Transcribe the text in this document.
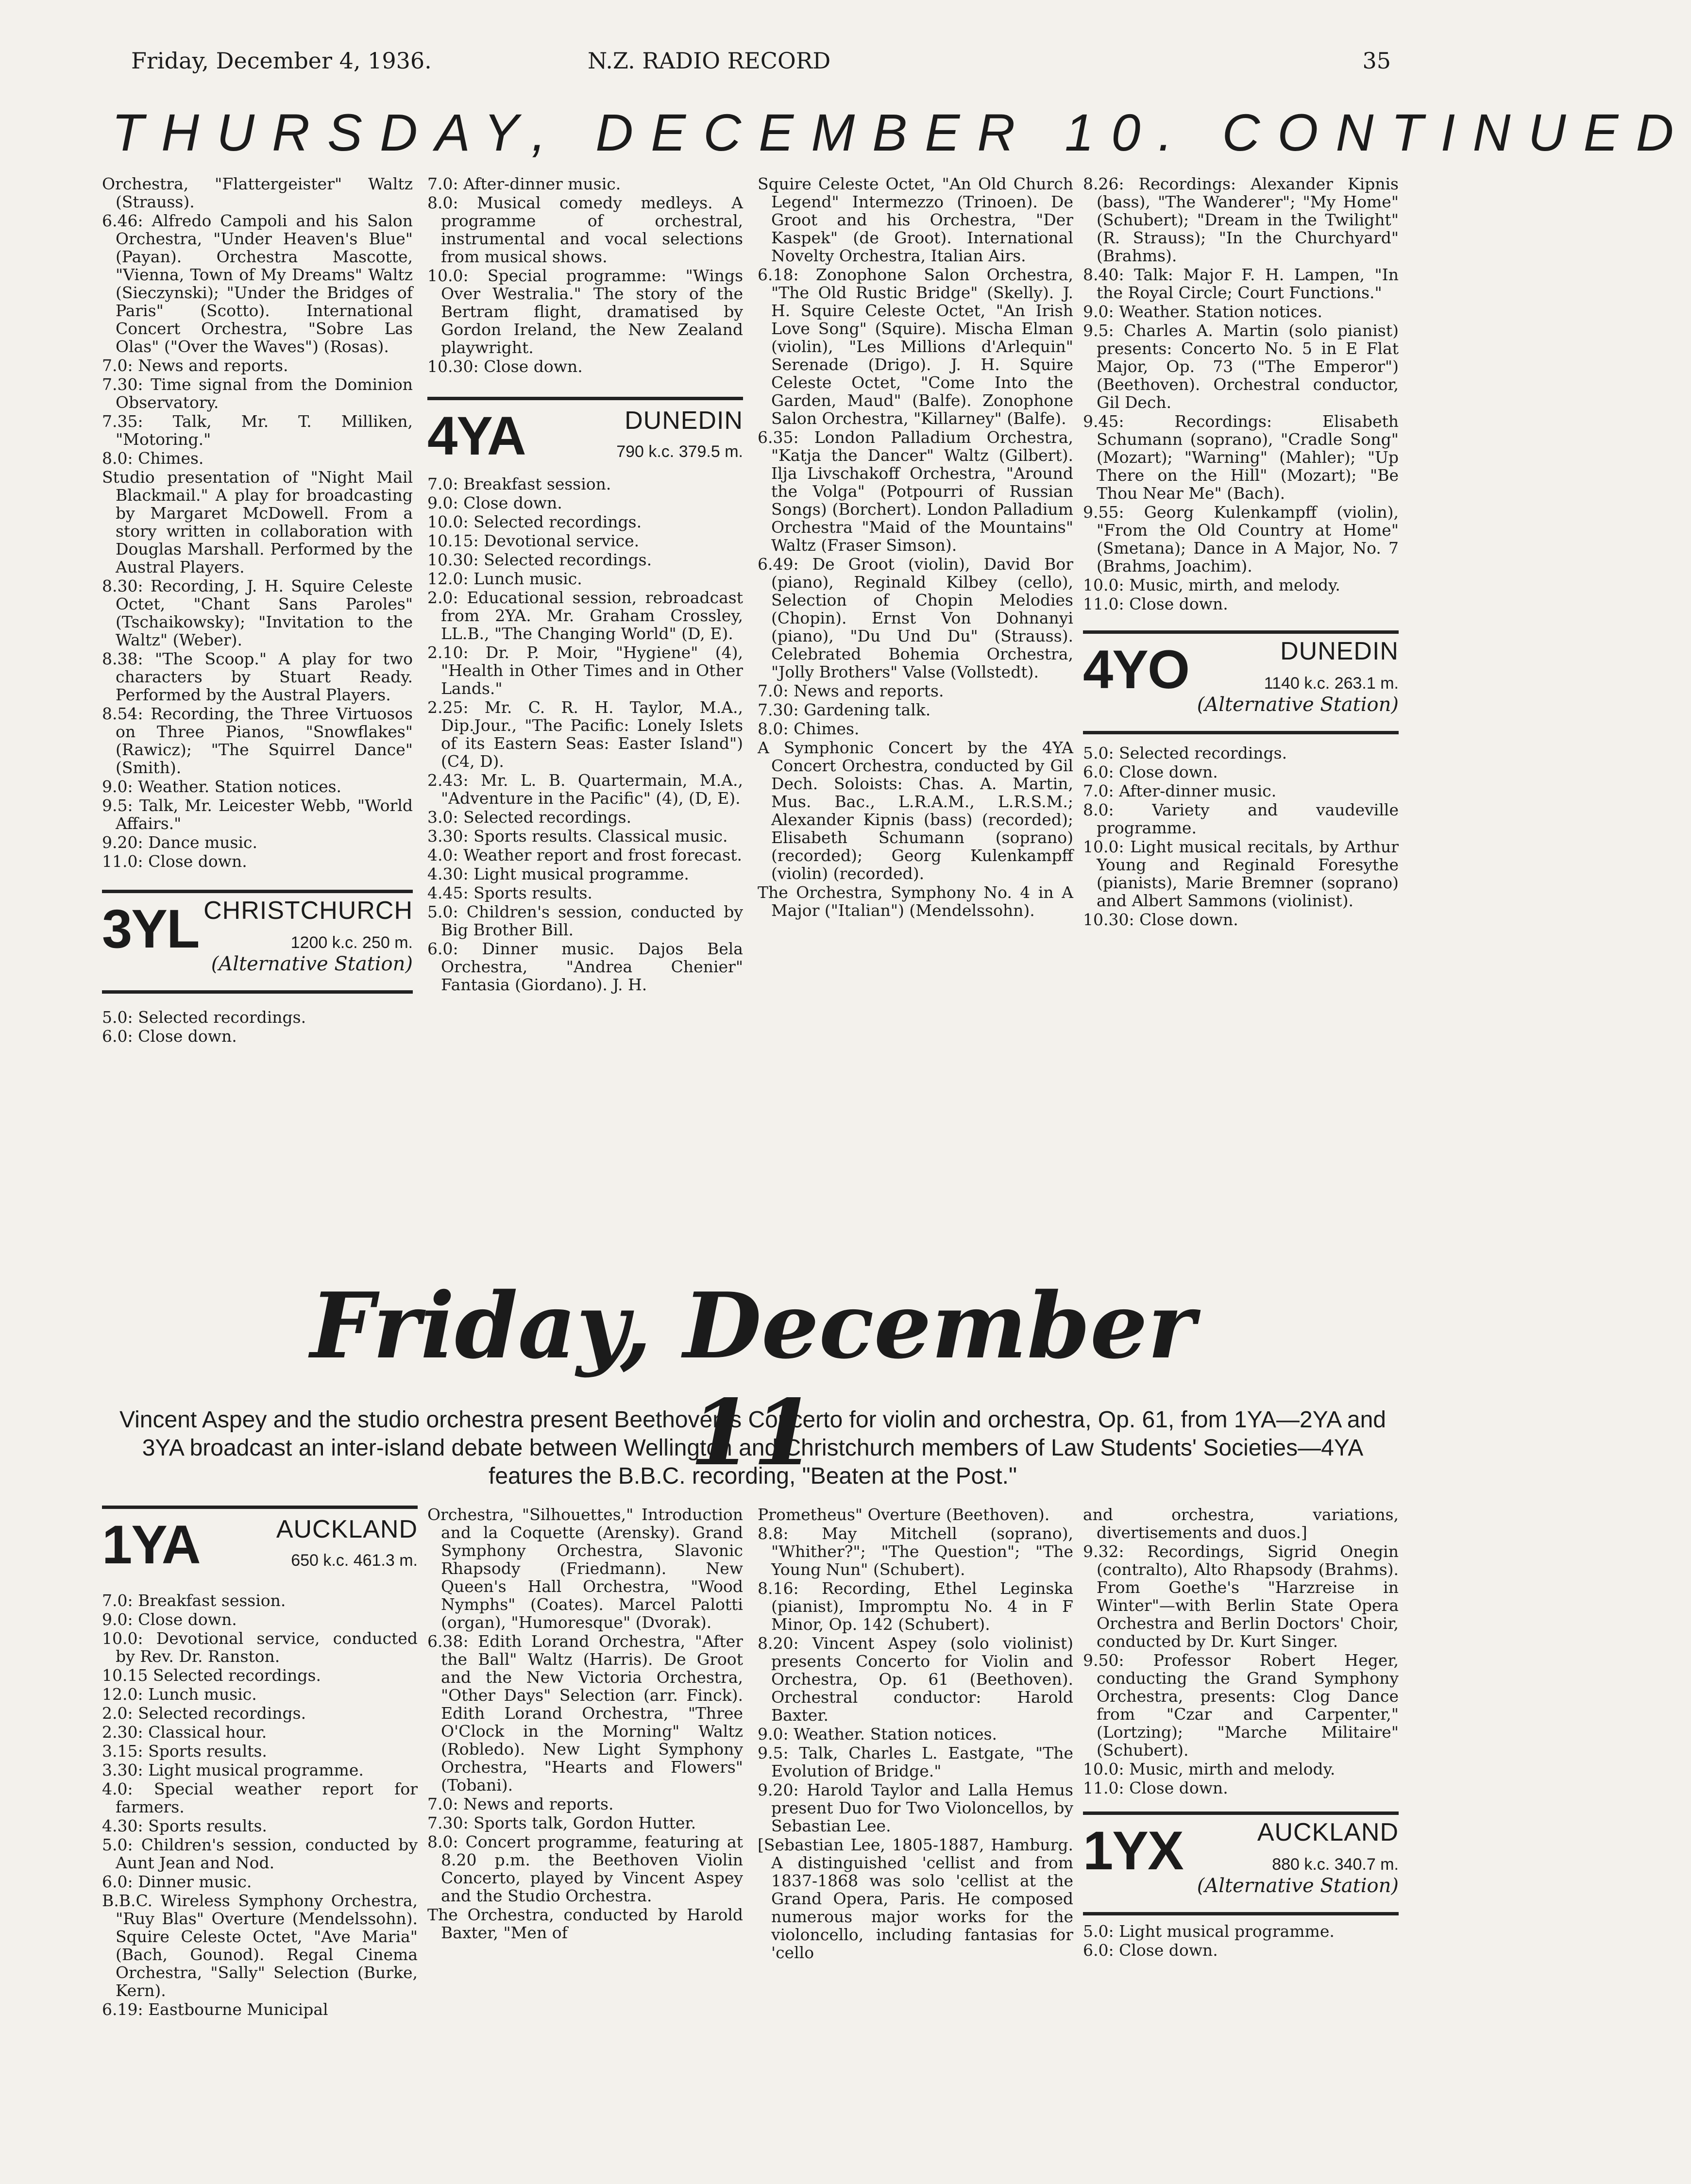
Friday, December 4, 1936.	N.Z. RADIO RECORD	35
THURSDAY, DECEMBER 10. CONTINUED

Orchestra, "Flattergeister" Waltz (Strauss).

6.46: Alfredo Campoli and his Salon Orchestra, "Under Heaven's Blue" (Payan). Orchestra Mascotte, "Vienna, Town of My Dreams" Waltz (Sieczynski); "Under the Bridges of Paris" (Scotto). International Concert Orchestra, "Sobre Las Olas" ("Over the Waves") (Rosas).

7.0: News and reports.

7.30: Time signal from the Dominion Observatory.

7.35: Talk, Mr. T. Milliken, "Motoring."

8.0: Chimes.

Studio presentation of "Night Mail Blackmail." A play for broadcasting by Margaret McDowell. From a story written in collaboration with Douglas Marshall. Performed by the Austral Players.

8.30: Recording, J. H. Squire Celeste Octet, "Chant Sans Paroles" (Tschaikowsky); "Invitation to the Waltz" (Weber).

8.38: "The Scoop." A play for two characters by Stuart Ready. Performed by the Austral Players.

8.54: Recording, the Three Virtuosos on Three Pianos, "Snowflakes" (Rawicz); "The Squirrel Dance" (Smith).

9.0: Weather. Station notices.

9.5: Talk, Mr. Leicester Webb, "World Affairs."

9.20: Dance music.

11.0: Close down.

3YL CHRISTCHURCH
1200 k.c. 250 m.
(Alternative Station)

5.0: Selected recordings.

6.0: Close down.

7.0: After-dinner music.

8.0: Musical comedy medleys. A programme of orchestral, instrumental and vocal selections from musical shows.

10.0: Special programme: "Wings Over Westralia." The story of the Bertram flight, dramatised by Gordon Ireland, the New Zealand playwright.

10.30: Close down.

4YA	DUNEDIN
790 k.c. 379.5 m.

7.0: Breakfast session.

9.0: Close down.

10.0: Selected recordings.

10.15: Devotional service.

10.30: Selected recordings.

12.0: Lunch music.

2.0: Educational session, rebroadcast from 2YA. Mr. Graham Crossley, LL.B., "The Changing World" (D, E).

2.10: Dr. P. Moir, "Hygiene" (4), "Health in Other Times and in Other Lands."

2.25: Mr. C. R. H. Taylor, M.A., Dip.Jour., "The Pacific: Lonely Islets of its Eastern Seas: Easter Island") (C4, D).

2.43: Mr. L. B. Quartermain, M.A., "Adventure in the Pacific" (4), (D, E).

3.0: Selected recordings.

3.30: Sports results. Classical music.

4.0: Weather report and frost forecast.

4.30: Light musical programme.

4.45: Sports results.

5.0: Children's session, conducted by Big Brother Bill.

6.0: Dinner music. Dajos Bela Orchestra, "Andrea Chenier" Fantasia (Giordano). J. H.

Squire Celeste Octet, "An Old Church Legend" Intermezzo (Trinoen). De Groot and his Orchestra, "Der Kaspek" (de Groot). International Novelty Orchestra, Italian Airs.

6.18: Zonophone Salon Orchestra, "The Old Rustic Bridge" (Skelly). J. H. Squire Celeste Octet, "An Irish Love Song" (Squire). Mischa Elman (violin), "Les Millions d'Arlequin" Serenade (Drigo). J. H. Squire Celeste Octet, "Come Into the Garden, Maud" (Balfe). Zonophone Salon Orchestra, "Killarney" (Balfe).

6.35: London Palladium Orchestra, "Katja the Dancer" Waltz (Gilbert). Ilja Livschakoff Orchestra, "Around the Volga" (Potpourri of Russian Songs) (Borchert). London Palladium Orchestra "Maid of the Mountains" Waltz (Fraser Simson).

6.49: De Groot (violin), David Bor (piano), Reginald Kilbey (cello), Selection of Chopin Melodies (Chopin). Ernst Von Dohnanyi (piano), "Du Und Du" (Strauss). Celebrated Bohemia Orchestra, "Jolly Brothers" Valse (Vollstedt).

7.0: News and reports.

7.30: Gardening talk.

8.0: Chimes.

A Symphonic Concert by the 4YA Concert Orchestra, conducted by Gil Dech. Soloists: Chas. A. Martin, Mus. Bac., L.R.A.M., L.R.S.M.; Alexander Kipnis (bass) (recorded); Elisabeth Schumann (soprano) (recorded); Georg Kulenkampff (violin) (recorded).

The Orchestra, Symphony No. 4 in A Major ("Italian") (Mendelssohn).

8.26: Recordings: Alexander Kipnis (bass), "The Wanderer"; "My Home" (Schubert); "Dream in the Twilight" (R. Strauss); "In the Churchyard" (Brahms).

8.40: Talk: Major F. H. Lampen, "In the Royal Circle; Court Functions."

9.0: Weather. Station notices.

9.5: Charles A. Martin (solo pianist) presents: Concerto No. 5 in E Flat Major, Op. 73 ("The Emperor") (Beethoven). Orchestral conductor, Gil Dech.

9.45: Recordings: Elisabeth Schumann (soprano), "Cradle Song" (Mozart); "Warning" (Mahler); "Up There on the Hill" (Mozart); "Be Thou Near Me" (Bach).

9.55: Georg Kulenkampff (violin), "From the Old Country at Home" (Smetana); Dance in A Major, No. 7 (Brahms, Joachim).

10.0: Music, mirth, and melody.

11.0: Close down.

4YO	DUNEDIN
1140 k.c. 263.1 m.
(Alternative Station)

5.0: Selected recordings.

6.0: Close down.

7.0: After-dinner music.

8.0: Variety and vaudeville programme.

10.0: Light musical recitals, by Arthur Young and Reginald Foresythe (pianists), Marie Bremner (soprano) and Albert Sammons (violinist).

10.30: Close down.

Friday, December 11
Vincent Aspey and the studio orchestra present Beethoven's Concerto for violin and orchestra, Op. 61, from 1YA—2YA and 3YA broadcast an inter-island debate between Wellington and Christchurch members of Law Students' Societies—4YA features the B.B.C. recording, "Beaten at the Post."
1YA	AUCKLAND
650 k.c. 461.3 m.

7.0: Breakfast session.

9.0: Close down.

10.0: Devotional service, conducted by Rev. Dr. Ranston.

10.15 Selected recordings.

12.0: Lunch music.

2.0: Selected recordings.

2.30: Classical hour.

3.15: Sports results.

3.30: Light musical programme.

4.0: Special weather report for farmers.

4.30: Sports results.

5.0: Children's session, conducted by Aunt Jean and Nod.

6.0: Dinner music.

B.B.C. Wireless Symphony Orchestra, "Ruy Blas" Overture (Mendelssohn). Squire Celeste Octet, "Ave Maria" (Bach, Gounod). Regal Cinema Orchestra, "Sally" Selection (Burke, Kern).

6.19: Eastbourne Municipal

Orchestra, "Silhouettes," Introduction and la Coquette (Arensky). Grand Symphony Orchestra, Slavonic Rhapsody (Friedmann). New Queen's Hall Orchestra, "Wood Nymphs" (Coates). Marcel Palotti (organ), "Humoresque" (Dvorak).

6.38: Edith Lorand Orchestra, "After the Ball" Waltz (Harris). De Groot and the New Victoria Orchestra, "Other Days" Selection (arr. Finck). Edith Lorand Orchestra, "Three O'Clock in the Morning" Waltz (Robledo). New Light Symphony Orchestra, "Hearts and Flowers" (Tobani).

7.0: News and reports.

7.30: Sports talk, Gordon Hutter.

8.0: Concert programme, featuring at 8.20 p.m. the Beethoven Violin Concerto, played by Vincent Aspey and the Studio Orchestra.

The Orchestra, conducted by Harold Baxter, "Men of

Prometheus" Overture (Beethoven).

8.8: May Mitchell (soprano), "Whither?"; "The Question"; "The Young Nun" (Schubert).

8.16: Recording, Ethel Leginska (pianist), Impromptu No. 4 in F Minor, Op. 142 (Schubert).

8.20: Vincent Aspey (solo violinist) presents Concerto for Violin and Orchestra, Op. 61 (Beethoven). Orchestral conductor: Harold Baxter.

9.0: Weather. Station notices.

9.5: Talk, Charles L. Eastgate, "The Evolution of Bridge."

9.20: Harold Taylor and Lalla Hemus present Duo for Two Violoncellos, by Sebastian Lee.

[Sebastian Lee, 1805-1887, Hamburg. A distinguished 'cellist and from 1837-1868 was solo 'cellist at the Grand Opera, Paris. He composed numerous major works for the violoncello, including fantasias for 'cello

and orchestra, variations, divertisements and duos.]

9.32: Recordings, Sigrid Onegin (contralto), Alto Rhapsody (Brahms). From Goethe's "Harzreise in Winter"—with Berlin State Opera Orchestra and Berlin Doctors' Choir, conducted by Dr. Kurt Singer.

9.50: Professor Robert Heger, conducting the Grand Symphony Orchestra, presents: Clog Dance from "Czar and Carpenter," (Lortzing); "Marche Militaire" (Schubert).

10.0: Music, mirth and melody.

11.0: Close down.

1YX	AUCKLAND
880 k.c. 340.7 m.
(Alternative Station)

5.0: Light musical programme.

6.0: Close down.
